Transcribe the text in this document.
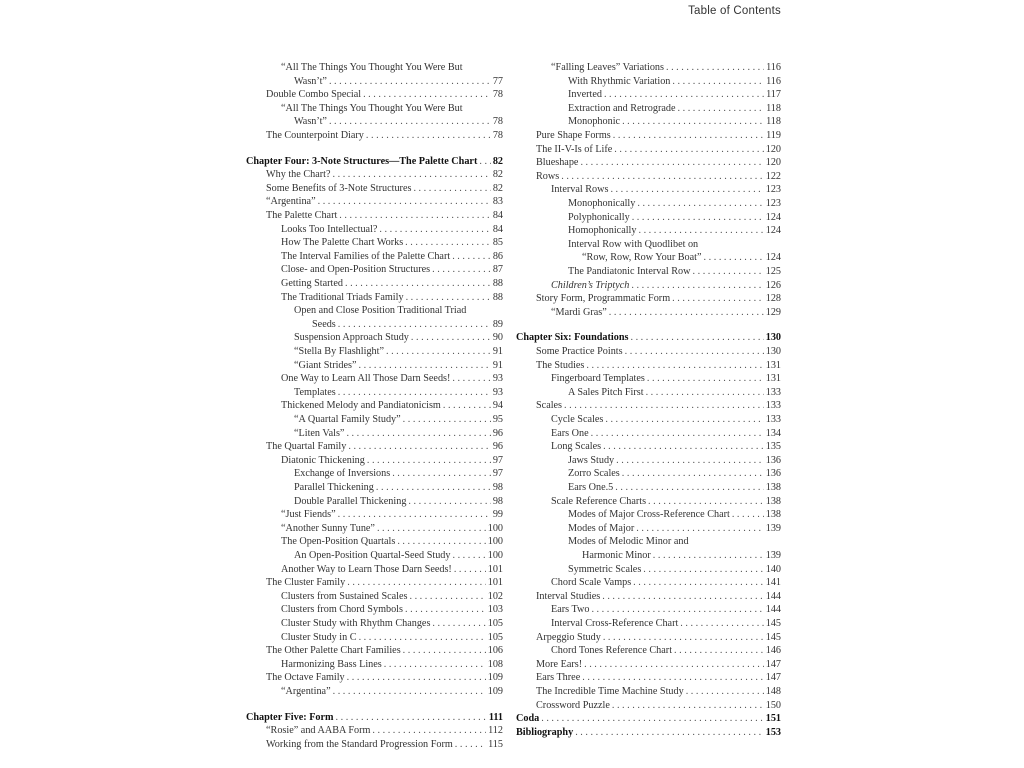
Table of Contents
“All The Things You Thought You Were But
Wasn’t” . . .	77
Double Combo Special . . .	78
“All The Things You Thought You Were But
Wasn’t” . . .	78
The Counterpoint Diary . . .	78
Chapter Four: 3-Note Structures—The Palette Chart . . . 82
Why the Chart? . . .	82
Some Benefits of 3-Note Structures . . .	82
“Argentina” . . .	83
The Palette Chart . . .	84
Looks Too Intellectual? . . .	84
How The Palette Chart Works . . .	85
The Interval Families of the Palette Chart . . .	86
Close- and Open-Position Structures . . .	87
Getting Started . . .	88
The Traditional Triads Family . . .	88
Open and Close Position Traditional Triad
Seeds . . .	89
Suspension Approach Study . . .	90
“Stella By Flashlight” . . .	91
“Giant Strides” . . .	91
One Way to Learn All Those Darn Seeds! . . .	93
Templates . . .	93
Thickened Melody and Pandiatonicism . . .	94
“A Quartal Family Study” . . .	95
“Liten Vals” . . .	96
The Quartal Family . . .	96
Diatonic Thickening . . .	97
Exchange of Inversions . . .	97
Parallel Thickening . . .	98
Double Parallel Thickening . . .	98
“Just Fiends” . . .	99
“Another Sunny Tune” . . .	100
The Open-Position Quartals . . .	100
An Open-Position Quartal-Seed Study . . .	100
Another Way to Learn Those Darn Seeds! . . .	101
The Cluster Family . . .	101
Clusters from Sustained Scales . . .	102
Clusters from Chord Symbols . . .	103
Cluster Study with Rhythm Changes . . .	105
Cluster Study in C . . .	105
The Other Palette Chart Families . . .	106
Harmonizing Bass Lines . . .	108
The Octave Family . . .	109
“Argentina” . . .	109
Chapter Five: Form . . .	111
“Rosie” and AABA Form . . .	112
Working from the Standard Progression Form . . .	115
“Falling Leaves” Variations . . .	116
With Rhythmic Variation . . .	116
Inverted . . .	117
Extraction and Retrograde . . .	118
Monophonic . . .	118
Pure Shape Forms . . .	119
The II-V-Is of Life . . .	120
Blueshape . . .	120
Rows . . .	122
Interval Rows . . .	123
Monophonically . . .	123
Polyphonically . . .	124
Homophonically . . .	124
Interval Row with Quodlibet on
“Row, Row, Row Your Boat” . . .	124
The Pandiatonic Interval Row . . .	125
Children’s Triptych . . .	126
Story Form, Programmatic Form . . .	128
“Mardi Gras” . . .	129
Chapter Six: Foundations . . .	130
Some Practice Points . . .	130
The Studies . . .	131
Fingerboard Templates . . .	131
A Sales Pitch First . . .	133
Scales . . .	133
Cycle Scales . . .	133
Ears One . . .	134
Long Scales . . .	135
Jaws Study . . .	136
Zorro Scales . . .	136
Ears One.5 . . .	138
Scale Reference Charts . . .	138
Modes of Major Cross-Reference Chart . . .	138
Modes of Major . . .	139
Modes of Melodic Minor and
Harmonic Minor . . .	139
Symmetric Scales . . .	140
Chord Scale Vamps . . .	141
Interval Studies . . .	144
Ears Two . . .	144
Interval Cross-Reference Chart . . .	145
Arpeggio Study . . .	145
Chord Tones Reference Chart . . .	146
More Ears! . . .	147
Ears Three . . .	147
The Incredible Time Machine Study . . .	148
Crossword Puzzle . . .	150
Coda . . .	151
Bibliography . . .	153
